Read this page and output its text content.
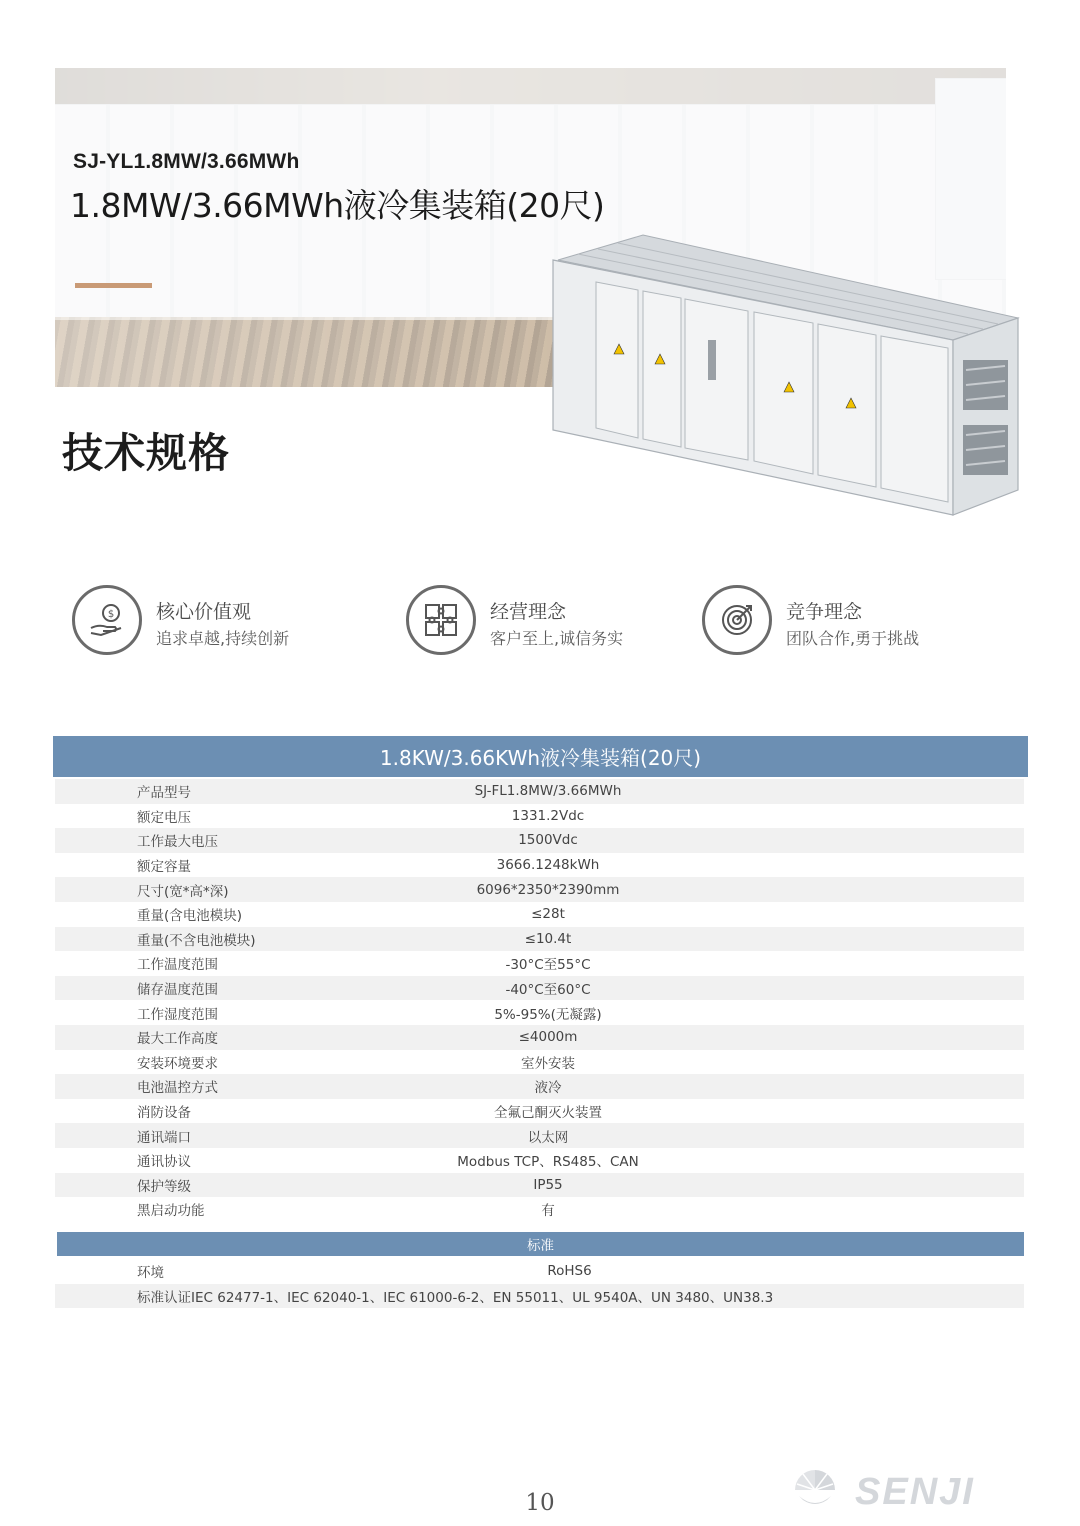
SJ-YL1.8MW/3.66MWh
1.8MW/3.66MWh液冷集装箱(20尺)
技术规格
$ 核心价值观
追求卓越,持续创新
经营理念
客户至上,诚信务实
竞争理念
团队合作,勇于挑战
1.8KW/3.66KWh液冷集装箱(20尺)
产品型号	SJ-FL1.8MW/3.66MWh
额定电压	1331.2Vdc
工作最大电压	1500Vdc
额定容量	3666.1248kWh
尺寸(宽*高*深)	6096*2350*2390mm
重量(含电池模块)	≤28t
重量(不含电池模块)	≤10.4t
工作温度范围	-30°C至55°C
储存温度范围	-40°C至60°C
工作湿度范围	5%-95%(无凝露)
最大工作高度	≤4000m
安装环境要求	室外安装
电池温控方式	液冷
消防设备	全氟己酮灭火装置
通讯端口	以太网
通讯协议	Modbus TCP、RS485、CAN
保护等级	IP55
黑启动功能	有
标准
环境	RoHS6
标准认证 IEC 62477-1、IEC 62040-1、IEC 61000-6-2、EN 55011、UL 9540A、UN 3480、UN38.3
10	SENJI
